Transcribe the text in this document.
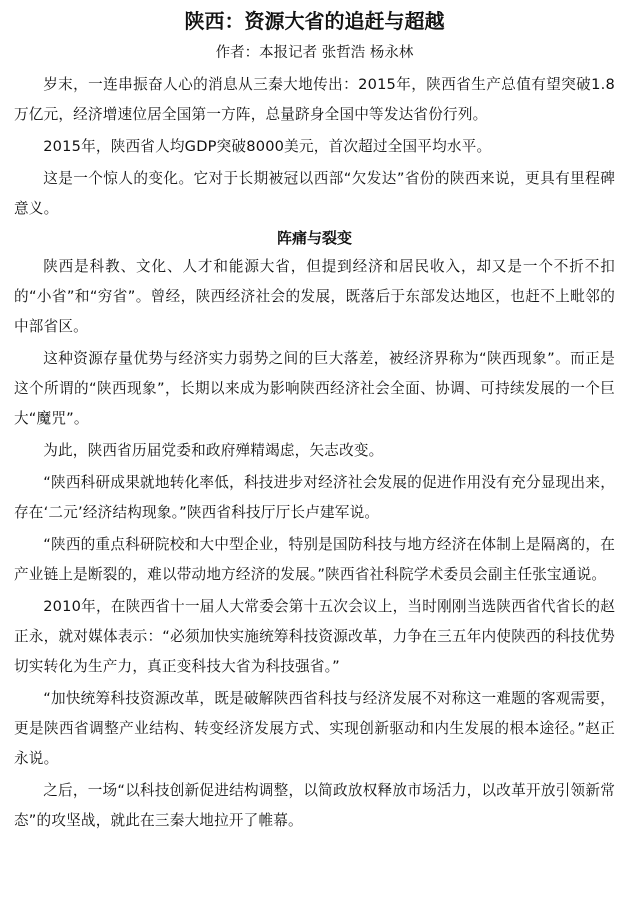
陕西：资源大省的追赶与超越
作者：本报记者 张哲浩 杨永林

岁末，一连串振奋人心的消息从三秦大地传出：2015年，陕西省生产总值有望突破1.8万亿元，经济增速位居全国第一方阵，总量跻身全国中等发达省份行列。

2015年，陕西省人均GDP突破8000美元，首次超过全国平均水平。

这是一个惊人的变化。它对于长期被冠以西部“欠发达”省份的陕西来说，更具有里程碑意义。

阵痛与裂变

陕西是科教、文化、人才和能源大省，但提到经济和居民收入，却又是一个不折不扣的“小省”和“穷省”。曾经，陕西经济社会的发展，既落后于东部发达地区，也赶不上毗邻的中部省区。

这种资源存量优势与经济实力弱势之间的巨大落差，被经济界称为“陕西现象”。而正是这个所谓的“陕西现象”，长期以来成为影响陕西经济社会全面、协调、可持续发展的一个巨大“魔咒”。

为此，陕西省历届党委和政府殚精竭虑，矢志改变。

“陕西科研成果就地转化率低，科技进步对经济社会发展的促进作用没有充分显现出来，存在‘二元’经济结构现象。”陕西省科技厅厅长卢建军说。

“陕西的重点科研院校和大中型企业，特别是国防科技与地方经济在体制上是隔离的，在产业链上是断裂的，难以带动地方经济的发展。”陕西省社科院学术委员会副主任张宝通说。

2010年，在陕西省十一届人大常委会第十五次会议上，当时刚刚当选陕西省代省长的赵正永，就对媒体表示：“必须加快实施统筹科技资源改革，力争在三五年内使陕西的科技优势切实转化为生产力，真正变科技大省为科技强省。”

“加快统筹科技资源改革，既是破解陕西省科技与经济发展不对称这一难题的客观需要，更是陕西省调整产业结构、转变经济发展方式、实现创新驱动和内生发展的根本途径。”赵正永说。

之后，一场“以科技创新促进结构调整，以简政放权释放市场活力，以改革开放引领新常态”的攻坚战，就此在三秦大地拉开了帷幕。
